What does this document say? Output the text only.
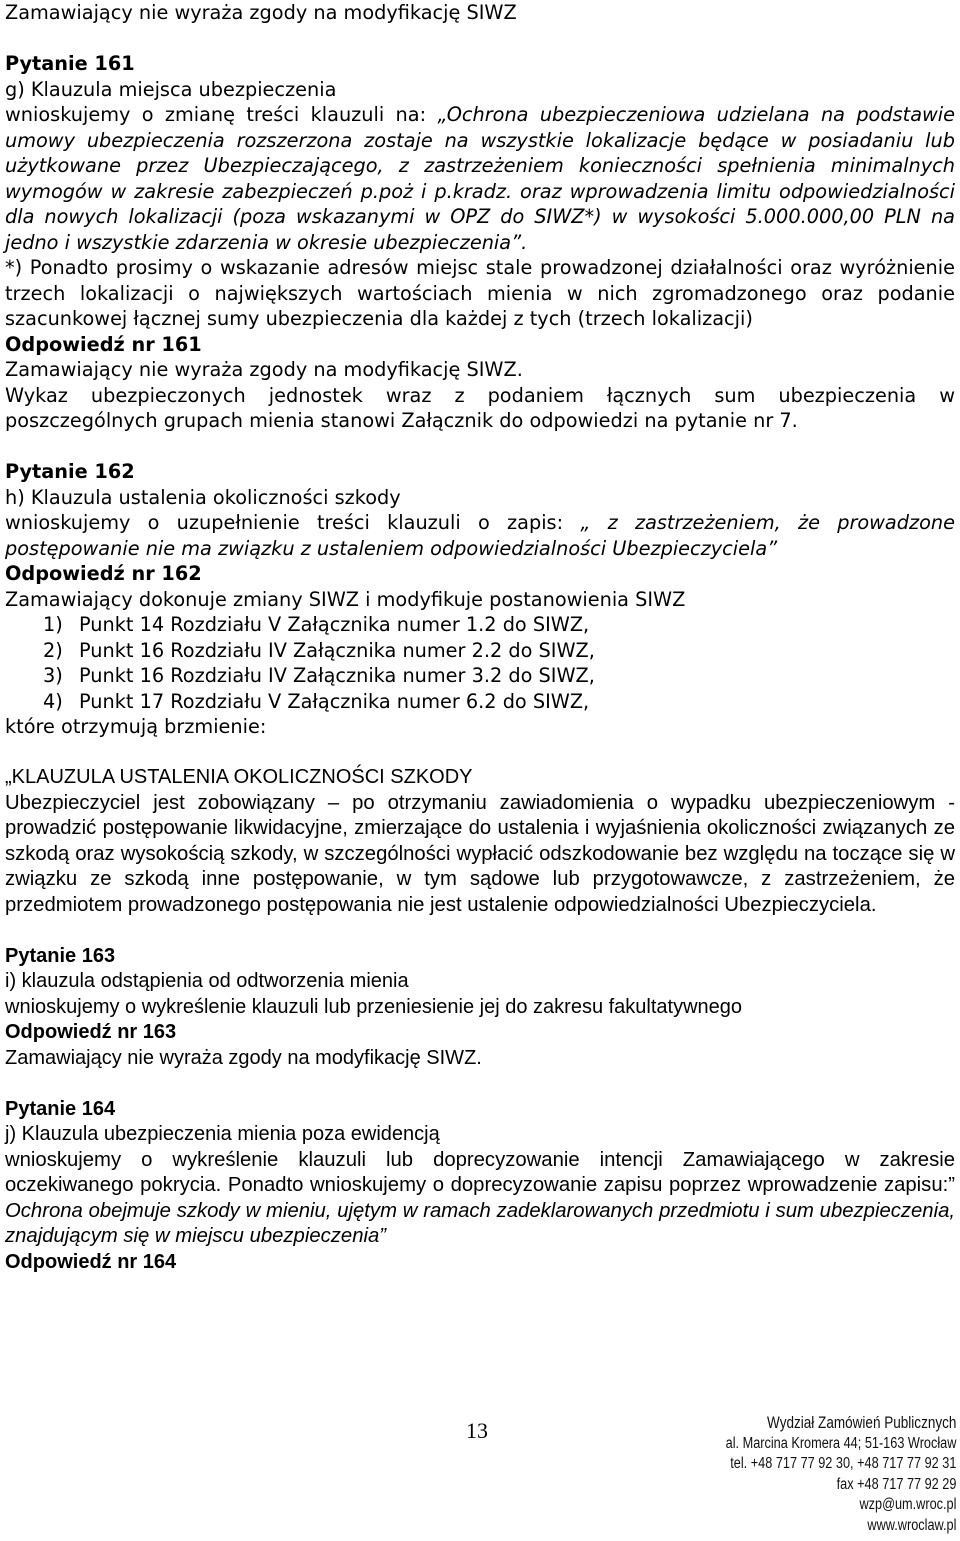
Zamawiający nie wyraża zgody na modyfikację SIWZ

Pytanie 161

g) Klauzula miejsca ubezpieczenia

wnioskujemy o zmianę treści klauzuli na: „Ochrona ubezpieczeniowa udzielana na podstawie umowy ubezpieczenia rozszerzona zostaje na wszystkie lokalizacje będące w posiadaniu lub użytkowane przez Ubezpieczającego, z zastrzeżeniem konieczności spełnienia minimalnych wymogów w zakresie zabezpieczeń p.poż i p.kradz. oraz wprowadzenia limitu odpowiedzialności dla nowych lokalizacji (poza wskazanymi w OPZ do SIWZ*) w wysokości 5.000.000,00 PLN na jedno i wszystkie zdarzenia w okresie ubezpieczenia”.

*) Ponadto prosimy o wskazanie adresów miejsc stale prowadzonej działalności oraz wyróżnienie trzech lokalizacji o największych wartościach mienia w nich zgromadzonego oraz podanie szacunkowej łącznej sumy ubezpieczenia dla każdej z tych (trzech lokalizacji)

Odpowiedź nr 161

Zamawiający nie wyraża zgody na modyfikację SIWZ.

Wykaz ubezpieczonych jednostek wraz z podaniem łącznych sum ubezpieczenia w poszczególnych grupach mienia stanowi Załącznik do odpowiedzi na pytanie nr 7.

Pytanie 162

h) Klauzula ustalenia okoliczności szkody

wnioskujemy o uzupełnienie treści klauzuli o zapis: „ z zastrzeżeniem, że prowadzone postępowanie nie ma związku z ustaleniem odpowiedzialności Ubezpieczyciela”

Odpowiedź nr 162

Zamawiający dokonuje zmiany SIWZ i modyfikuje postanowienia SIWZ

1) Punkt 14 Rozdziału V Załącznika numer 1.2 do SIWZ,
2) Punkt 16 Rozdziału IV Załącznika numer 2.2 do SIWZ,
3) Punkt 16 Rozdziału IV Załącznika numer 3.2 do SIWZ,
4) Punkt 17 Rozdziału V Załącznika numer 6.2 do SIWZ,

które otrzymują brzmienie:

„KLAUZULA USTALENIA OKOLICZNOŚCI SZKODY

Ubezpieczyciel jest zobowiązany – po otrzymaniu zawiadomienia o wypadku ubezpieczeniowym - prowadzić postępowanie likwidacyjne, zmierzające do ustalenia i wyjaśnienia okoliczności związanych ze szkodą oraz wysokością szkody, w szczególności wypłacić odszkodowanie bez względu na toczące się w związku ze szkodą inne postępowanie, w tym sądowe lub przygotowawcze, z zastrzeżeniem, że przedmiotem prowadzonego postępowania nie jest ustalenie odpowiedzialności Ubezpieczyciela.

Pytanie 163

i) klauzula odstąpienia od odtworzenia mienia

wnioskujemy o wykreślenie klauzuli lub przeniesienie jej do zakresu fakultatywnego

Odpowiedź nr 163

Zamawiający nie wyraża zgody na modyfikację SIWZ.

Pytanie 164

j) Klauzula ubezpieczenia mienia poza ewidencją

wnioskujemy o wykreślenie klauzuli lub doprecyzowanie intencji Zamawiającego w zakresie oczekiwanego pokrycia. Ponadto wnioskujemy o doprecyzowanie zapisu poprzez wprowadzenie zapisu:” Ochrona obejmuje szkody w mieniu, ujętym w ramach zadeklarowanych przedmiotu i sum ubezpieczenia, znajdującym się w miejscu ubezpieczenia”

Odpowiedź nr 164

13	Wydział Zamówień Publicznych
al. Marcina Kromera 44; 51-163 Wrocław
tel. +48 717 77 92 30, +48 717 77 92 31
fax +48 717 77 92 29
wzp@um.wroc.pl
www.wroclaw.pl
